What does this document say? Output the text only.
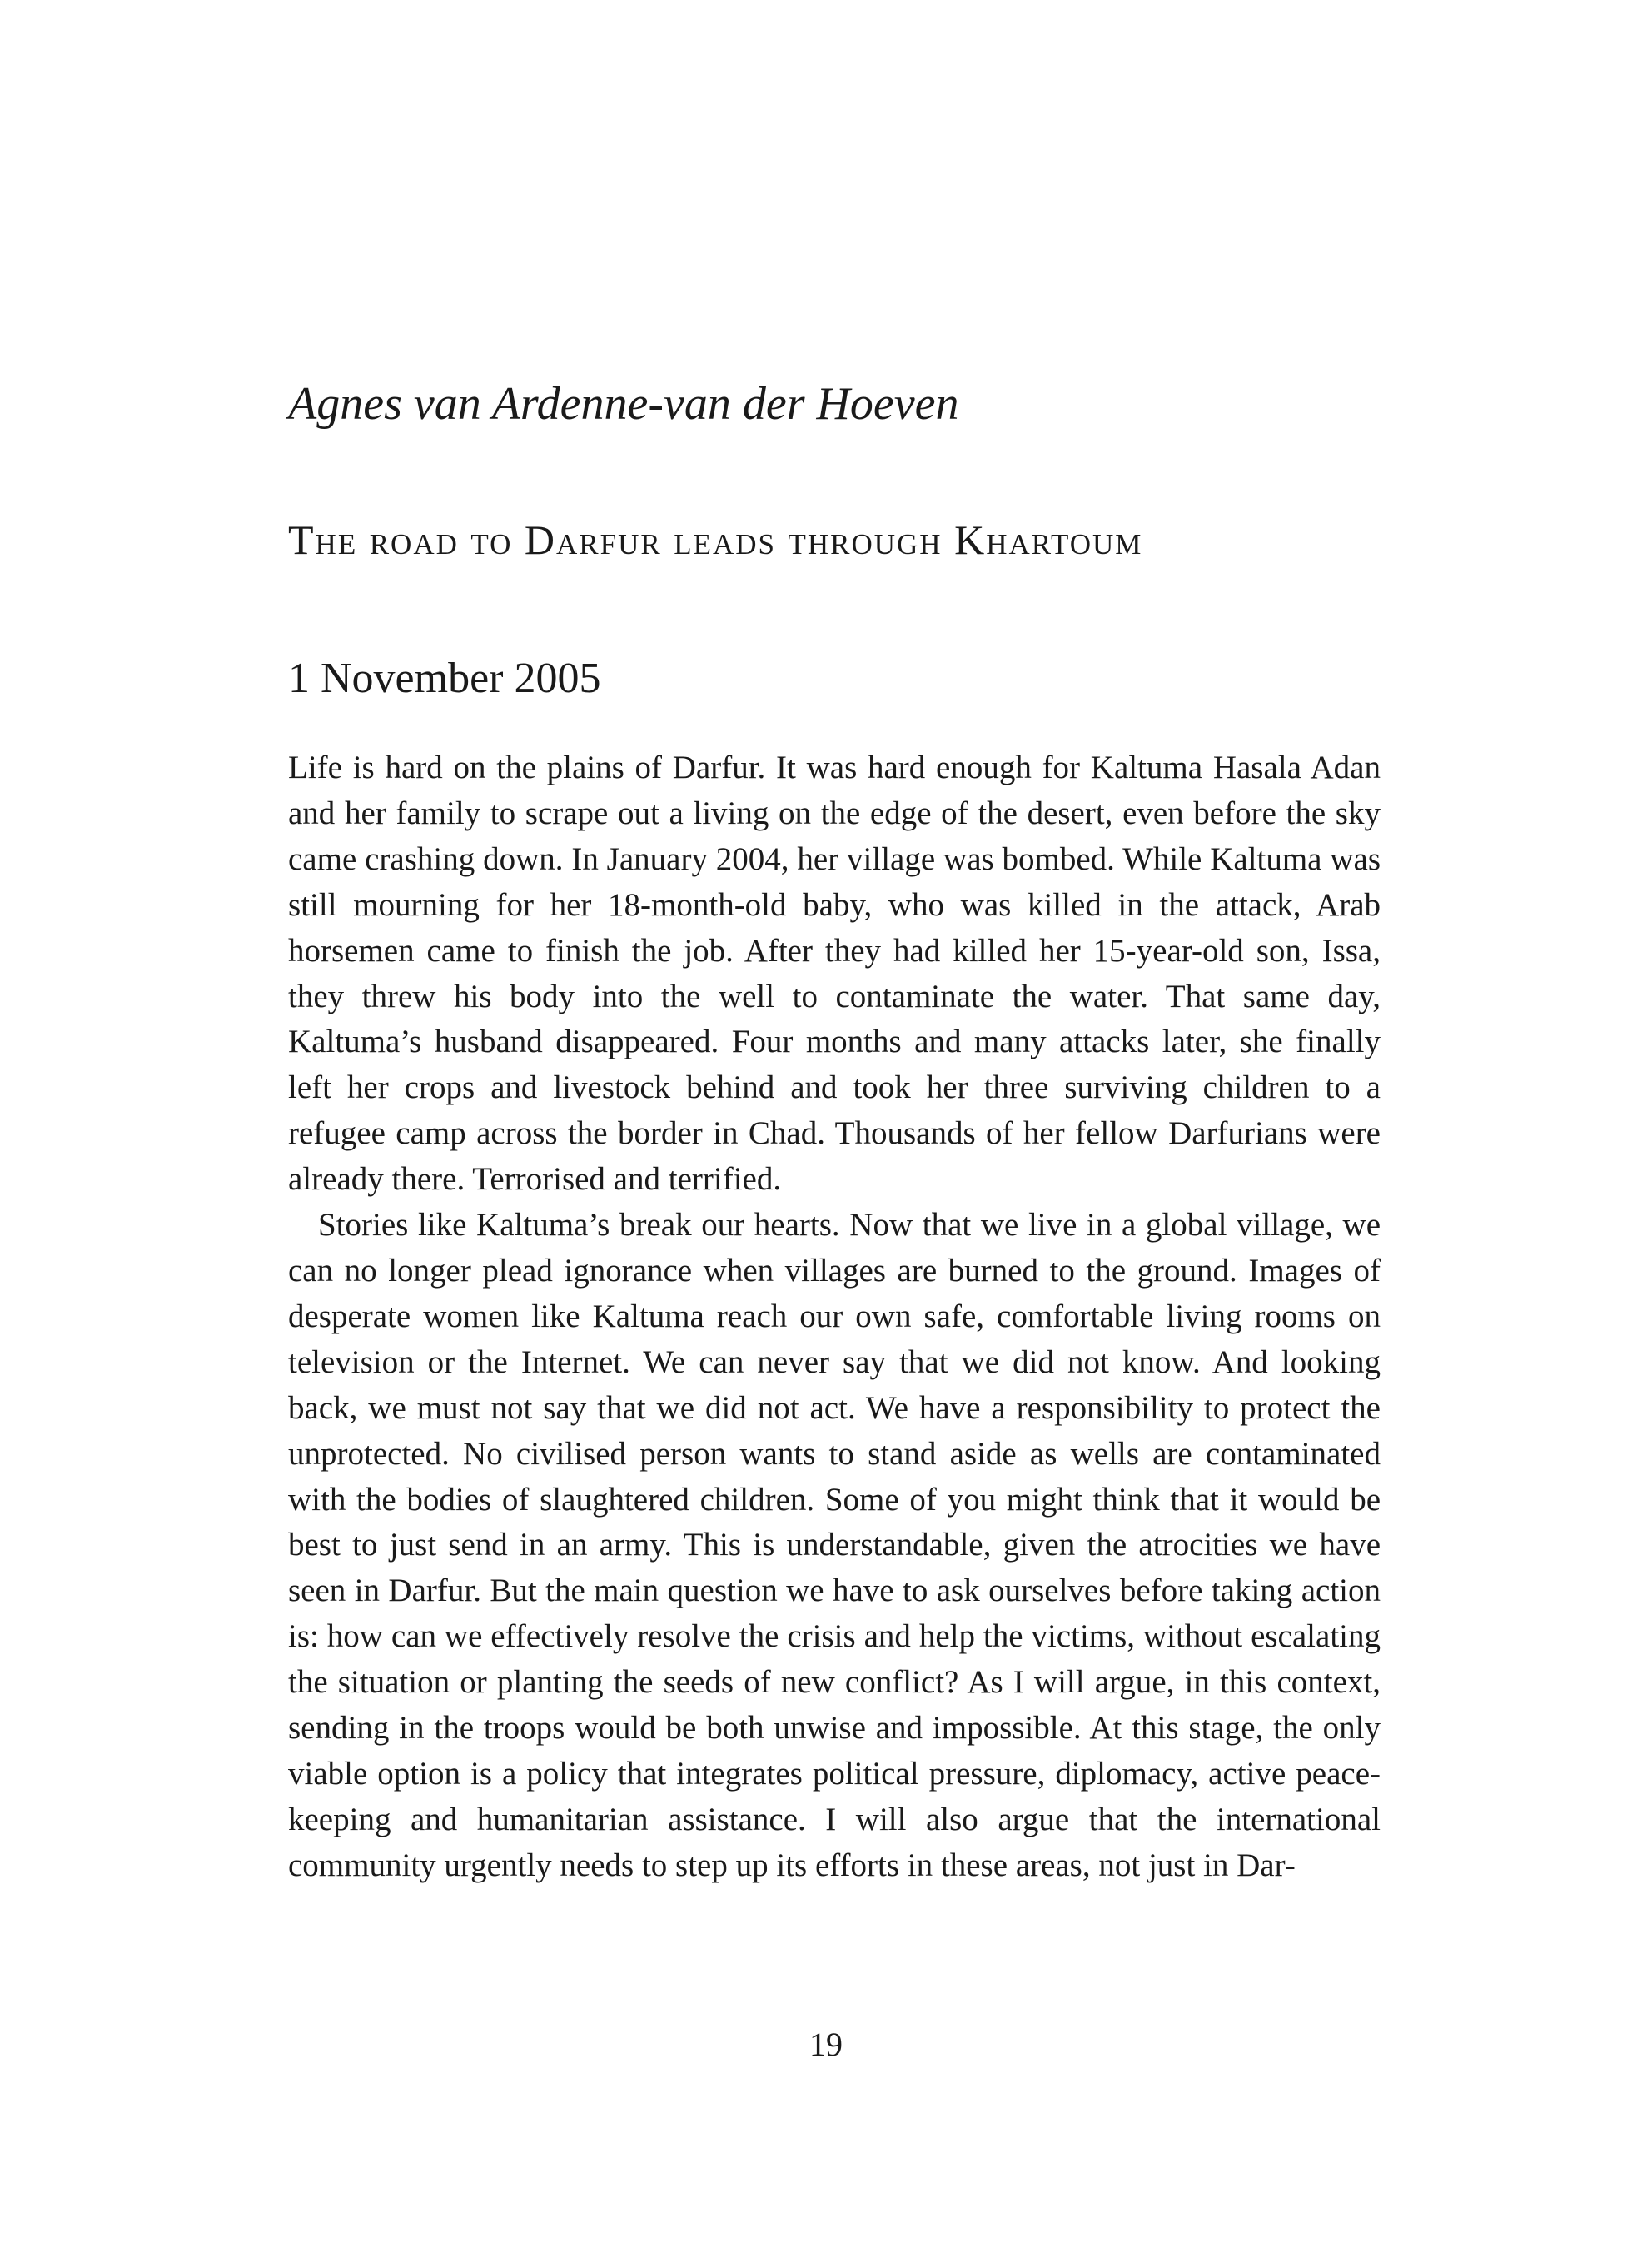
Agnes van Ardenne-van der Hoeven
The road to Darfur leads through Khartoum
1 November 2005

Life is hard on the plains of Darfur. It was hard enough for Kaltuma Hasala Adan and her family to scrape out a living on the edge of the desert, even before the sky came crashing down. In January 2004, her village was bombed. While Kaltuma was still mourning for her 18-month-old baby, who was killed in the attack, Arab horsemen came to finish the job. After they had killed her 15-year-old son, Issa, they threw his body into the well to contaminate the water. That same day, Kaltuma’s husband disappeared. Four months and many attacks later, she finally left her crops and livestock behind and took her three surviving children to a refugee camp across the border in Chad. Thousands of her fellow Darfurians were already there. Terrorised and terrified.

Stories like Kaltuma’s break our hearts. Now that we live in a global village, we can no longer plead ignorance when villages are burned to the ground. Images of desperate women like Kaltuma reach our own safe, comfortable living rooms on television or the Internet. We can never say that we did not know. And looking back, we must not say that we did not act. We have a responsibility to protect the unprotected. No civilised person wants to stand aside as wells are contaminated with the bodies of slaughtered children. Some of you might think that it would be best to just send in an army. This is understandable, given the atrocities we have seen in Darfur. But the main question we have to ask ourselves before taking action is: how can we effectively resolve the crisis and help the victims, without escalating the situation or planting the seeds of new conflict? As I will argue, in this context, sending in the troops would be both unwise and impossible. At this stage, the only viable option is a policy that integrates political pressure, diplomacy, active peacekeeping and humanitarian assistance. I will also argue that the international community urgently needs to step up its efforts in these areas, not just in Dar-

19
